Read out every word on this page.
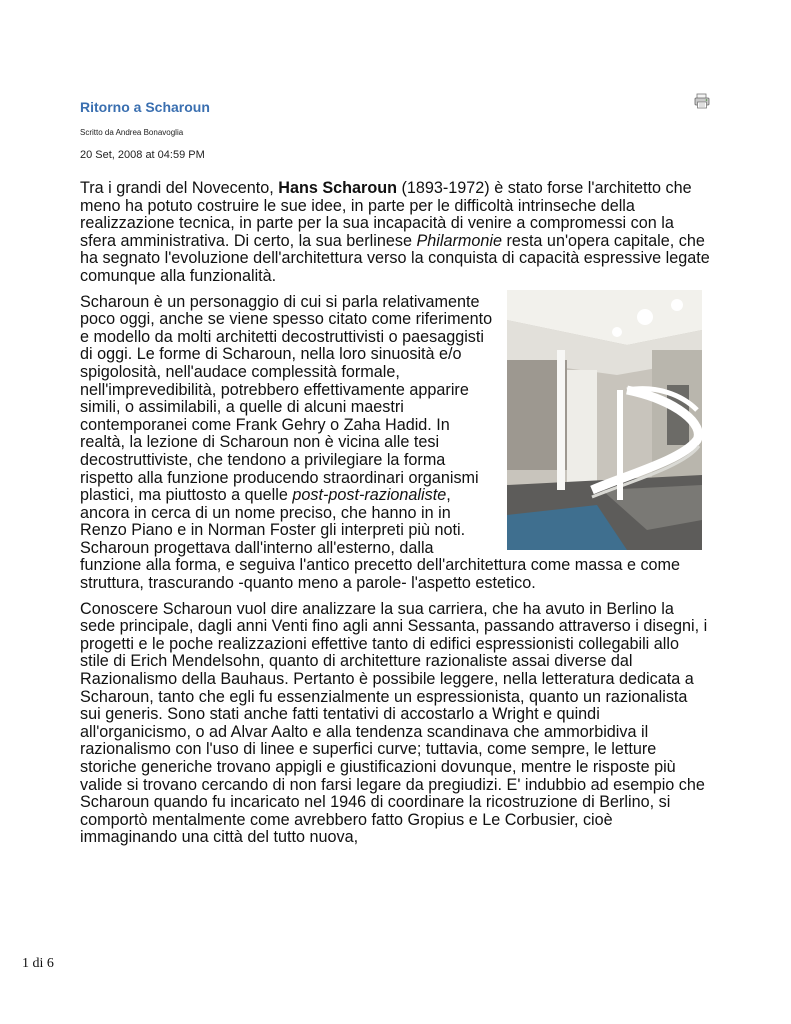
Ritorno a Scharoun
Scritto da Andrea Bonavoglia
20 Set, 2008 at 04:59 PM

Tra i grandi del Novecento, Hans Scharoun (1893-1972) è stato forse l'architetto che meno ha potuto costruire le sue idee, in parte per le difficoltà intrinseche della realizzazione tecnica, in parte per la sua incapacità di venire a compromessi con la sfera amministrativa. Di certo, la sua berlinese Philarmonie resta un'opera capitale, che ha segnato l'evoluzione dell'architettura verso la conquista di capacità espressive legate comunque alla funzionalità.

Scharoun è un personaggio di cui si parla relativamente poco oggi, anche se viene spesso citato come riferimento e modello da molti architetti decostruttivisti o paesaggisti di oggi. Le forme di Scharoun, nella loro sinuosità e/o spigolosità, nell'audace complessità formale, nell'imprevedibilità, potrebbero effettivamente apparire simili, o assimilabili, a quelle di alcuni maestri contemporanei come Frank Gehry o Zaha Hadid. In realtà, la lezione di Scharoun non è vicina alle tesi decostruttiviste, che tendono a privilegiare la forma rispetto alla funzione producendo straordinari organismi plastici, ma piuttosto a quelle post-post-razionaliste, ancora in cerca di un nome preciso, che hanno in in Renzo Piano e in Norman Foster gli interpreti più noti. Scharoun progettava dall'interno all'esterno, dalla funzione alla forma, e seguiva l'antico precetto dell'architettura come massa e come struttura, trascurando -quanto meno a parole- l'aspetto estetico.

Conoscere Scharoun vuol dire analizzare la sua carriera, che ha avuto in Berlino la sede principale, dagli anni Venti fino agli anni Sessanta, passando attraverso i disegni, i progetti e le poche realizzazioni effettive tanto di edifici espressionisti collegabili allo stile di Erich Mendelsohn, quanto di architetture razionaliste assai diverse dal Razionalismo della Bauhaus. Pertanto è possibile leggere, nella letteratura dedicata a Scharoun, tanto che egli fu essenzialmente un espressionista, quanto un razionalista sui generis. Sono stati anche fatti tentativi di accostarlo a Wright e quindi all'organicismo, o ad Alvar Aalto e alla tendenza scandinava che ammorbidiva il razionalismo con l'uso di linee e superfici curve; tuttavia, come sempre, le letture storiche generiche trovano appigli e giustificazioni dovunque, mentre le risposte più valide si trovano cercando di non farsi legare da pregiudizi. E' indubbio ad esempio che Scharoun quando fu incaricato nel 1946 di coordinare la ricostruzione di Berlino, si comportò mentalmente come avrebbero fatto Gropius e Le Corbusier, cioè immaginando una città del tutto nuova,

1 di 6
